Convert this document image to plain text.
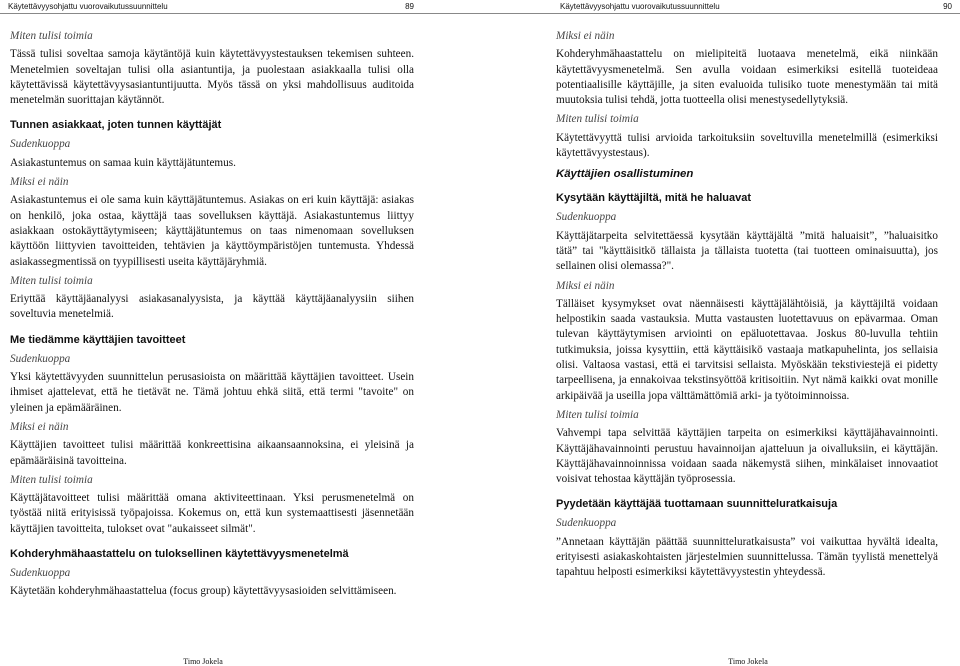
Käytettävyysohjattu vuorovaikutussuunnittelu	89
Miten tulisi toimia

Tässä tulisi soveltaa samoja käytäntöjä kuin käytettävyystestauksen tekemisen suhteen. Menetelmien soveltajan tulisi olla asiantuntija, ja puolestaan asiakkaalla tulisi olla käytettävissä käytettävyysasiantuntijuutta. Myös tässä on yksi mahdollisuus auditoida menetelmän suorittajan käytännöt.

Tunnen asiakkaat, joten tunnen käyttäjät
Sudenkuoppa

Asiakastuntemus on samaa kuin käyttäjätuntemus.

Miksi ei näin

Asiakastuntemus ei ole sama kuin käyttäjätuntemus. Asiakas on eri kuin käyttäjä: asiakas on henkilö, joka ostaa, käyttäjä taas sovelluksen käyttäjä. Asiakastuntemus liittyy asiakkaan ostokäyttäytymiseen; käyttäjätuntemus on taas nimenomaan sovelluksen käyttöön liittyvien tavoitteiden, tehtävien ja käyttöympäristöjen tuntemusta. Yhdessä asiakassegmentissä on tyypillisesti useita käyttäjäryhmiä.

Miten tulisi toimia

Eriyttää käyttäjäanalyysi asiakasanalyysista, ja käyttää käyttäjäanalyysiin siihen soveltuvia menetelmiä.

Me tiedämme käyttäjien tavoitteet
Sudenkuoppa

Yksi käytettävyyden suunnittelun perusasioista on määrittää käyttäjien tavoitteet. Usein ihmiset ajattelevat, että he tietävät ne. Tämä johtuu ehkä siitä, että termi "tavoite" on yleinen ja epämääräinen.

Miksi ei näin

Käyttäjien tavoitteet tulisi määrittää konkreettisina aikaansaannoksina, ei yleisinä ja epämääräisinä tavoitteina.

Miten tulisi toimia

Käyttäjätavoitteet tulisi määrittää omana aktiviteettinaan. Yksi perusmenetelmä on työstää niitä erityisissä työpajoissa. Kokemus on, että kun systemaattisesti jäsennetään käyttäjien tavoitteita, tulokset ovat "aukaisseet silmät".

Kohderyhmähaastattelu on tuloksellinen käytettävyysmenetelmä
Sudenkuoppa

Käytetään kohderyhmähaastattelua (focus group) käytettävyysasioiden selvittämiseen.

Timo Jokela
Käytettävyysohjattu vuorovaikutussuunnittelu	90
Miksi ei näin

Kohderyhmähaastattelu on mielipiteitä luotaava menetelmä, eikä niinkään käytettävyysmenetelmä. Sen avulla voidaan esimerkiksi esitellä tuoteideaa potentiaalisille käyttäjille, ja siten evaluoida tulisiko tuote menestymään tai mitä muutoksia tulisi tehdä, jotta tuotteella olisi menestysedellytyksiä.

Miten tulisi toimia

Käytettävyyttä tulisi arvioida tarkoituksiin soveltuvilla menetelmillä (esimerkiksi käytettävyystestaus).

Käyttäjien osallistuminen
Kysytään käyttäjiltä, mitä he haluavat
Sudenkuoppa

Käyttäjätarpeita selvitettäessä kysytään käyttäjältä ”mitä haluaisit”, ”haluaisitko tätä” tai "käyttäisitkö tällaista ja tällaista tuotetta (tai tuotteen ominaisuutta), jos sellainen olisi olemassa?".

Miksi ei näin

Tälläiset kysymykset ovat näennäisesti käyttäjälähtöisiä, ja käyttäjiltä voidaan helpostikin saada vastauksia. Mutta vastausten luotettavuus on epävarmaa. Oman tulevan käyttäytymisen arviointi on epäluotettavaa. Joskus 80-luvulla tehtiin tutkimuksia, joissa kysyttiin, että käyttäisikö vastaaja matkapuhelinta, jos sellaisia olisi. Valtaosa vastasi, että ei tarvitsisi sellaista. Myöskään tekstiviestejä ei pidetty tarpeellisena, ja ennakoivaa tekstinsyöttöä kritisoitiin. Nyt nämä kaikki ovat monille arkipäivää ja useilla jopa välttämättömiä arki- ja työtoiminnoissa.

Miten tulisi toimia

Vahvempi tapa selvittää käyttäjien tarpeita on esimerkiksi käyttäjähavainnointi. Käyttäjähavainnointi perustuu havainnoijan ajatteluun ja oivalluksiin, ei käyttäjän. Käyttäjähavainnoinnissa voidaan saada näkemystä siihen, minkälaiset innovaatiot voisivat tehostaa käyttäjän työprosessia.

Pyydetään käyttäjää tuottamaan suunnitteluratkaisuja
Sudenkuoppa

”Annetaan käyttäjän päättää suunnitteluratkaisusta” voi vaikuttaa hyvältä idealta, erityisesti asiakaskohtaisten järjestelmien suunnittelussa. Tämän tyylistä menettelyä tapahtuu helposti esimerkiksi käytettävyystestin yhteydessä.

Timo Jokela
